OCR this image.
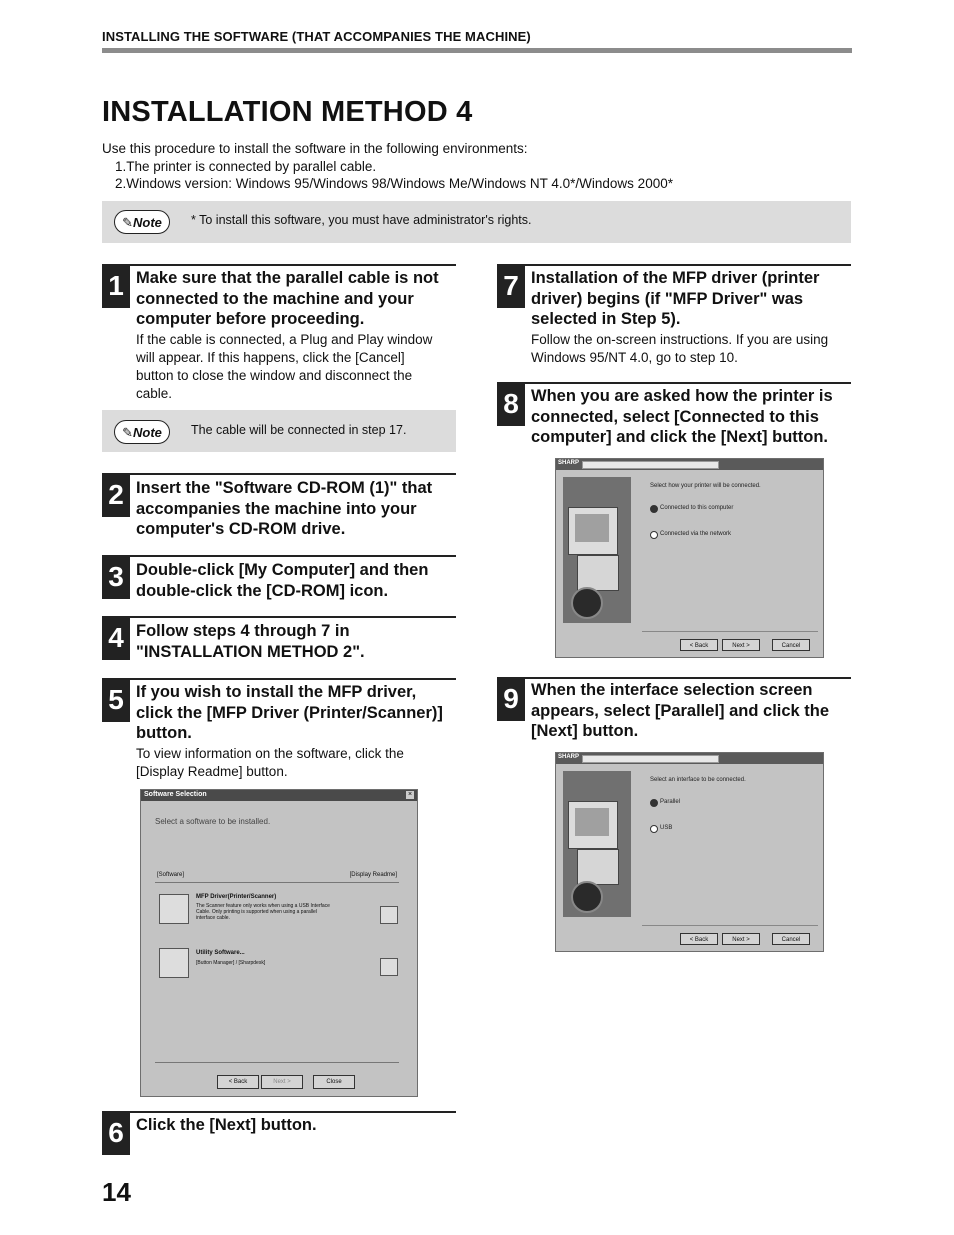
INSTALLING THE SOFTWARE (THAT ACCOMPANIES THE MACHINE)
INSTALLATION METHOD 4
Use this procedure to install the software in the following environments:
1.The printer is connected by parallel cable.
2.Windows version: Windows 95/Windows 98/Windows Me/Windows NT 4.0*/Windows 2000*
✎Note	* To install this software, you must have administrator's rights.
1 Make sure that the parallel cable is not
connected to the machine and your
computer before proceeding.
If the cable is connected, a Plug and Play window
will appear. If this happens, click the [Cancel]
button to close the window and disconnect the
cable.
✎Note	The cable will be connected in step 17.
2 Insert the "Software CD-ROM (1)" that
accompanies the machine into your
computer's CD-ROM drive.
3 Double-click [My Computer] and then
double-click the [CD-ROM] icon.
4 Follow steps 4 through 7 in
"INSTALLATION METHOD 2".
5 If you wish to install the MFP driver,
click the [MFP Driver (Printer/Scanner)]
button.
To view information on the software, click the
[Display Readme] button.
Software Selection	×
Select a software to be installed.
[Software]	[Display Readme]
MFP Driver(Printer/Scanner)
The Scanner feature only works when using a USB Interface
Cable. Only printing is supported when using a parallel
interface cable.
Utility Software...
[Button Manager] / [Sharpdesk]
< Back	Next >	Close
6 Click the [Next] button.
7 Installation of the MFP driver (printer
driver) begins (if "MFP Driver" was
selected in Step 5).
Follow the on-screen instructions. If you are using
Windows 95/NT 4.0, go to step 10.
8 When you are asked how the printer is
connected, select [Connected to this
computer] and click the [Next] button.
SHARP
Select how your printer will be connected.
Connected to this computer
Connected via the network
< Back	Next >	Cancel
9 When the interface selection screen
appears, select [Parallel] and click the
[Next] button.
SHARP
Select an interface to be connected.
Parallel
USB
< Back	Next >	Cancel
14
